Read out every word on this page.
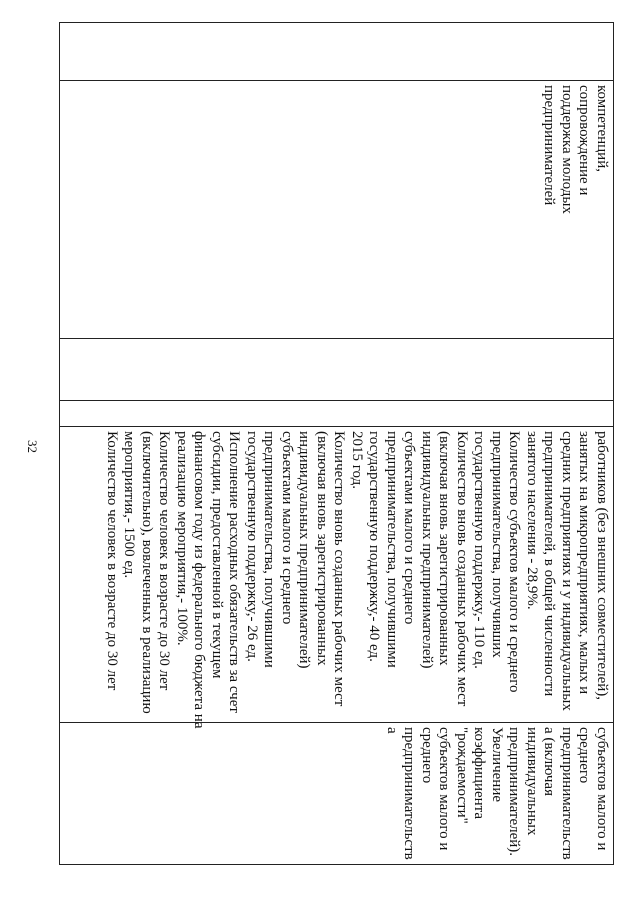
32

компетенций,
сопровождение и
поддержка молодых
предпринимателей

работников (без внешних совместителей),
занятых на микропредприятиях, малых и
средних предприятиях и у индивидуальных
предпринимателей, в общей численности
занятого населения - 28,9%.
Количество субъектов малого и среднего
предпринимательства, получивших
государственную поддержку,- 110 ед.
Количество вновь созданных рабочих мест
(включая вновь зарегистрированных
индивидуальных предпринимателей)
субъектами малого и среднего
предпринимательства, получившими
государственную поддержку,- 40 ед.
2015 год.
Количество вновь созданных рабочих мест
(включая вновь зарегистрированных
индивидуальных предпринимателей)
субъектами малого и среднего
предпринимательства, получившими
государственную поддержку,- 26 ед.
Исполнение расходных обязательств за счет
субсидии, предоставленной в текущем
финансовом году из федерального бюджета на
реализацию мероприятия,- 100%.
Количество человек в возрасте до 30 лет
(включительно), вовлеченных в реализацию
мероприятия,- 1500 ед.
Количество человек в возрасте до 30 лет

субъектов малого и
среднего
предпринимательств
а (включая
индивидуальных
предпринимателей).
Увеличение
коэффициента
"рождаемости"
субъектов малого и
среднего
предпринимательств
а
